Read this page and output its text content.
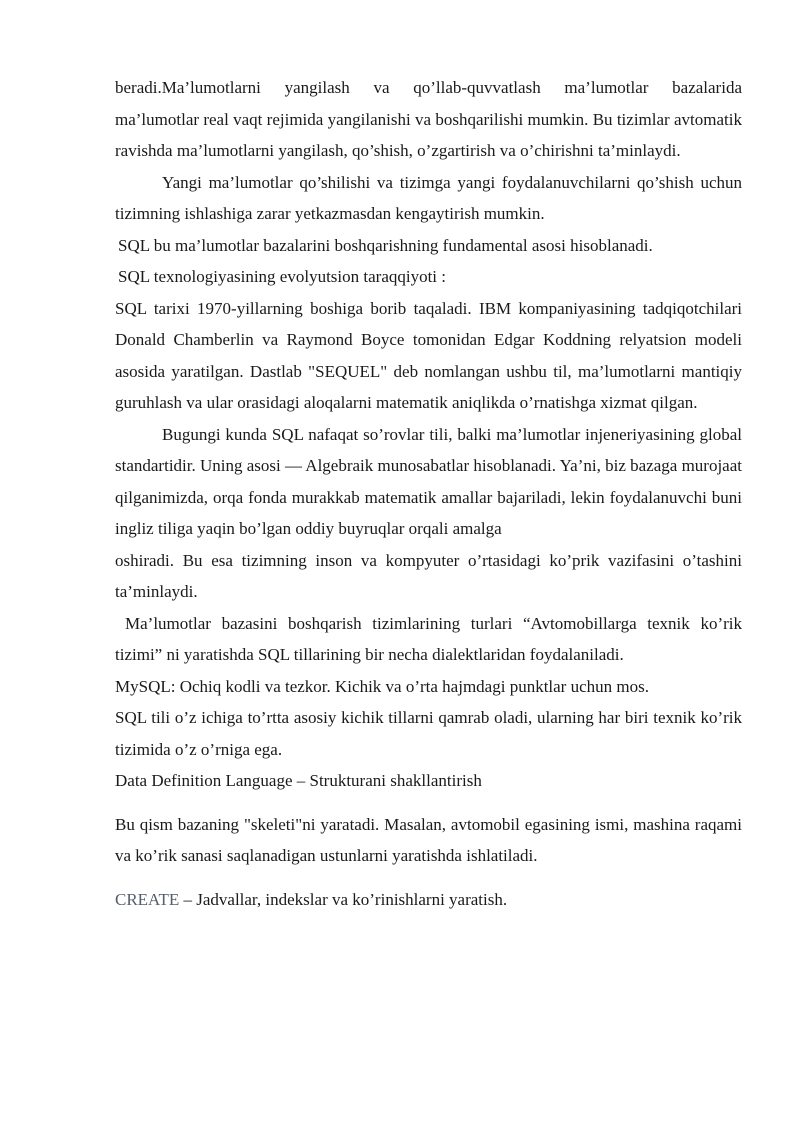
beradi.Ma’lumotlarni yangilash va qo’llab-quvvatlash ma’lumotlar bazalarida

ma’lumotlar real vaqt rejimida yangilanishi va boshqarilishi mumkin. Bu tizimlar avtomatik ravishda ma’lumotlarni yangilash, qo’shish, o’zgartirish va o’chirishni ta’minlaydi.

Yangi ma’lumotlar qo’shilishi va tizimga yangi foydalanuvchilarni qo’shish uchun tizimning ishlashiga zarar yetkazmasdan kengaytirish mumkin.

SQL bu ma’lumotlar bazalarini boshqarishning fundamental asosi hisoblanadi.

SQL texnologiyasining evolyutsion taraqqiyoti :

SQL tarixi 1970-yillarning boshiga borib taqaladi. IBM kompaniyasining tadqiqotchilari Donald Chamberlin va Raymond Boyce tomonidan Edgar Koddning relyatsion modeli asosida yaratilgan. Dastlab "SEQUEL" deb nomlangan ushbu til, ma’lumotlarni mantiqiy guruhlash va ular orasidagi aloqalarni matematik aniqlikda o’rnatishga xizmat qilgan.

Bugungi kunda SQL nafaqat so’rovlar tili, balki ma’lumotlar injeneriyasining global standartidir. Uning asosi — Algebraik munosabatlar hisoblanadi. Ya’ni, biz bazaga murojaat qilganimizda, orqa fonda murakkab matematik amallar bajariladi, lekin foydalanuvchi buni ingliz tiliga yaqin bo’lgan oddiy buyruqlar orqali amalga

oshiradi. Bu esa tizimning inson va kompyuter o’rtasidagi ko’prik vazifasini o’tashini ta’minlaydi.

Ma’lumotlar bazasini boshqarish tizimlarining turlari “Avtomobillarga texnik ko’rik tizimi” ni yaratishda SQL tillarining bir necha dialektlaridan foydalaniladi.

MySQL: Ochiq kodli va tezkor. Kichik va o’rta hajmdagi punktlar uchun mos.

SQL tili o’z ichiga to’rtta asosiy kichik tillarni qamrab oladi, ularning har biri texnik ko’rik tizimida o’z o’rniga ega.

Data Definition Language – Strukturani shakllantirish

Bu qism bazaning "skeleti"ni yaratadi. Masalan, avtomobil egasining ismi, mashina raqami va ko’rik sanasi saqlanadigan ustunlarni yaratishda ishlatiladi.

CREATE – Jadvallar, indekslar va ko’rinishlarni yaratish.
